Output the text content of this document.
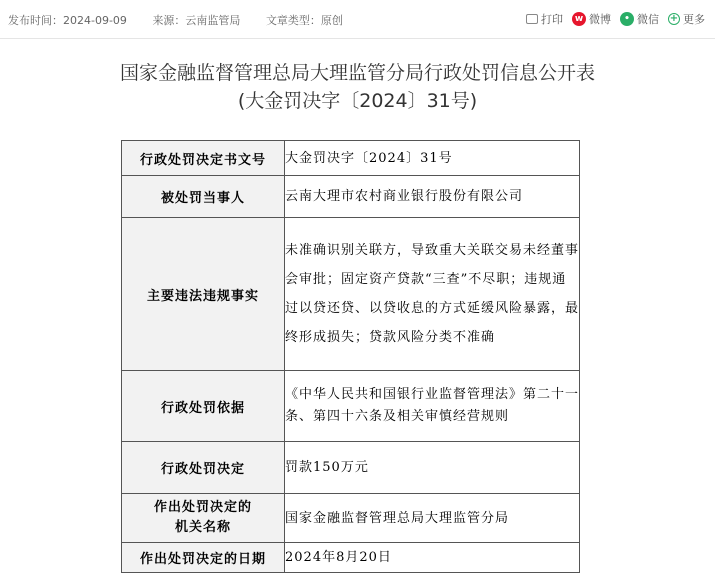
发布时间：2024-09-09 来源：云南监管局 文章类型：原创	打印	w 微博	• 微信 + 更多
国家金融监督管理总局大理监管分局行政处罚信息公开表
(大金罚决字〔2024〕31号)
行政处罚决定书文号	大金罚决字〔2024〕31号
被处罚当事人	云南大理市农村商业银行股份有限公司
主要违法违规事实	未准确识别关联方，导致重大关联交易未经董事会审批；固定资产贷款“三查”不尽职；违规通过以贷还贷、以贷收息的方式延缓风险暴露，最终形成损失；贷款风险分类不准确
行政处罚依据	《中华人民共和国银行业监督管理法》第二十一条、第四十六条及相关审慎经营规则
行政处罚决定	罚款150万元

作出处罚决定的
机关名称	国家金融监督管理总局大理监管分局
作出处罚决定的日期	2024年8月20日
